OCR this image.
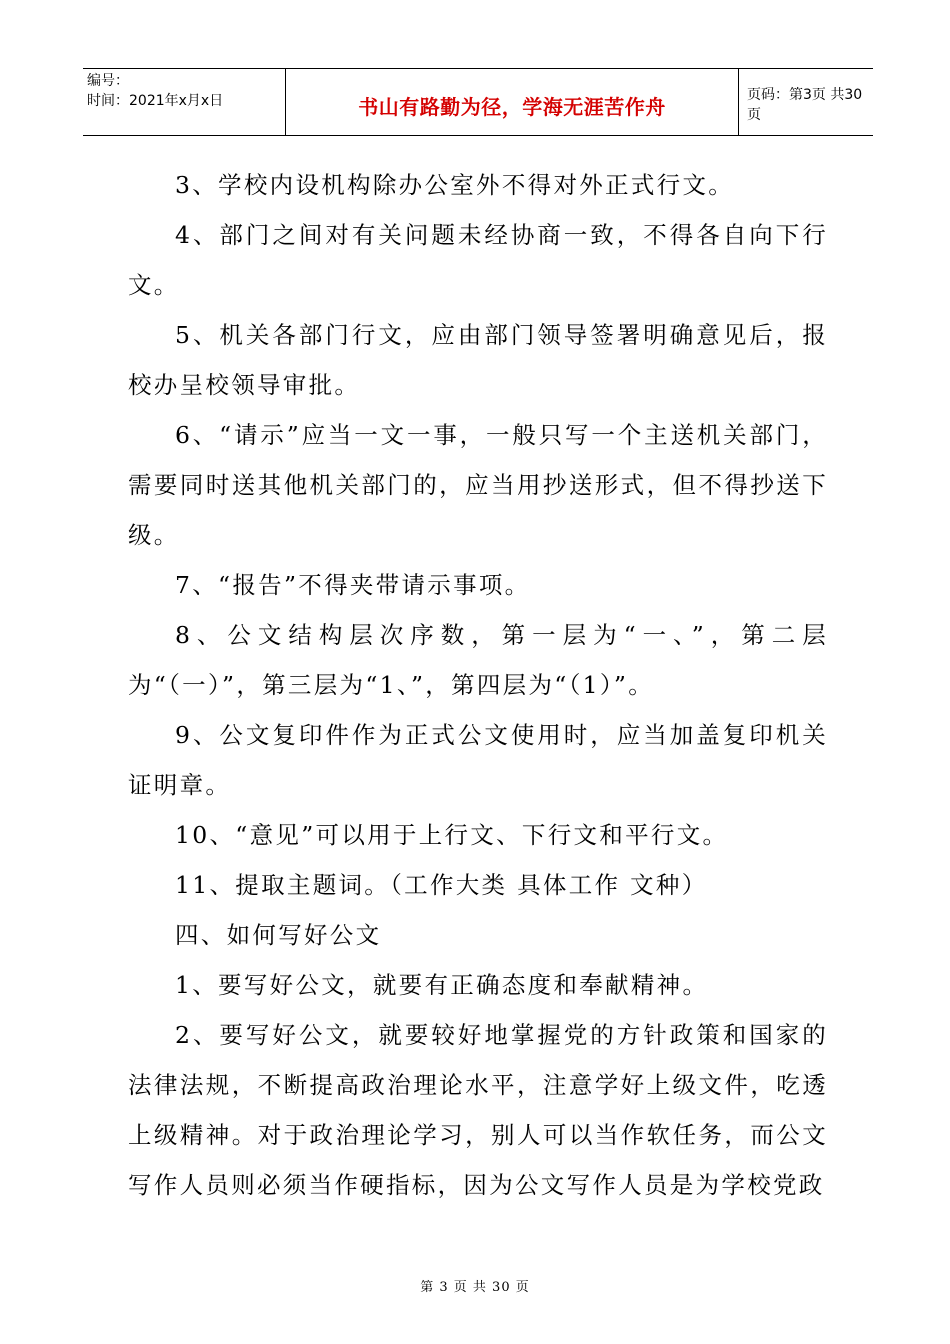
编号：
时间：2021年x月x日	书山有路勤为径，学海无涯苦作舟	页码：第3页 共30页

3、学校内设机构除办公室外不得对外正式行文。

4、部门之间对有关问题未经协商一致，不得各自向下行文。

5、机关各部门行文，应由部门领导签署明确意见后，报校办呈校领导审批。

6、“请示”应当一文一事，一般只写一个主送机关部门，需要同时送其他机关部门的，应当用抄送形式，但不得抄送下级。

7、“报告”不得夹带请示事项。

8、公文结构层次序数，第一层为“一、”，第二层为“（一）”，第三层为“1、”，第四层为“（1）”。

9、公文复印件作为正式公文使用时，应当加盖复印机关证明章。

10、“意见”可以用于上行文、下行文和平行文。

11、提取主题词。（工作大类 具体工作 文种）

四、如何写好公文

1、要写好公文，就要有正确态度和奉献精神。

2、要写好公文，就要较好地掌握党的方针政策和国家的法律法规，不断提高政治理论水平，注意学好上级文件，吃透上级精神。对于政治理论学习，别人可以当作软任务，而公文写作人员则必须当作硬指标，因为公文写作人员是为学校党政

第 3 页 共 30 页
